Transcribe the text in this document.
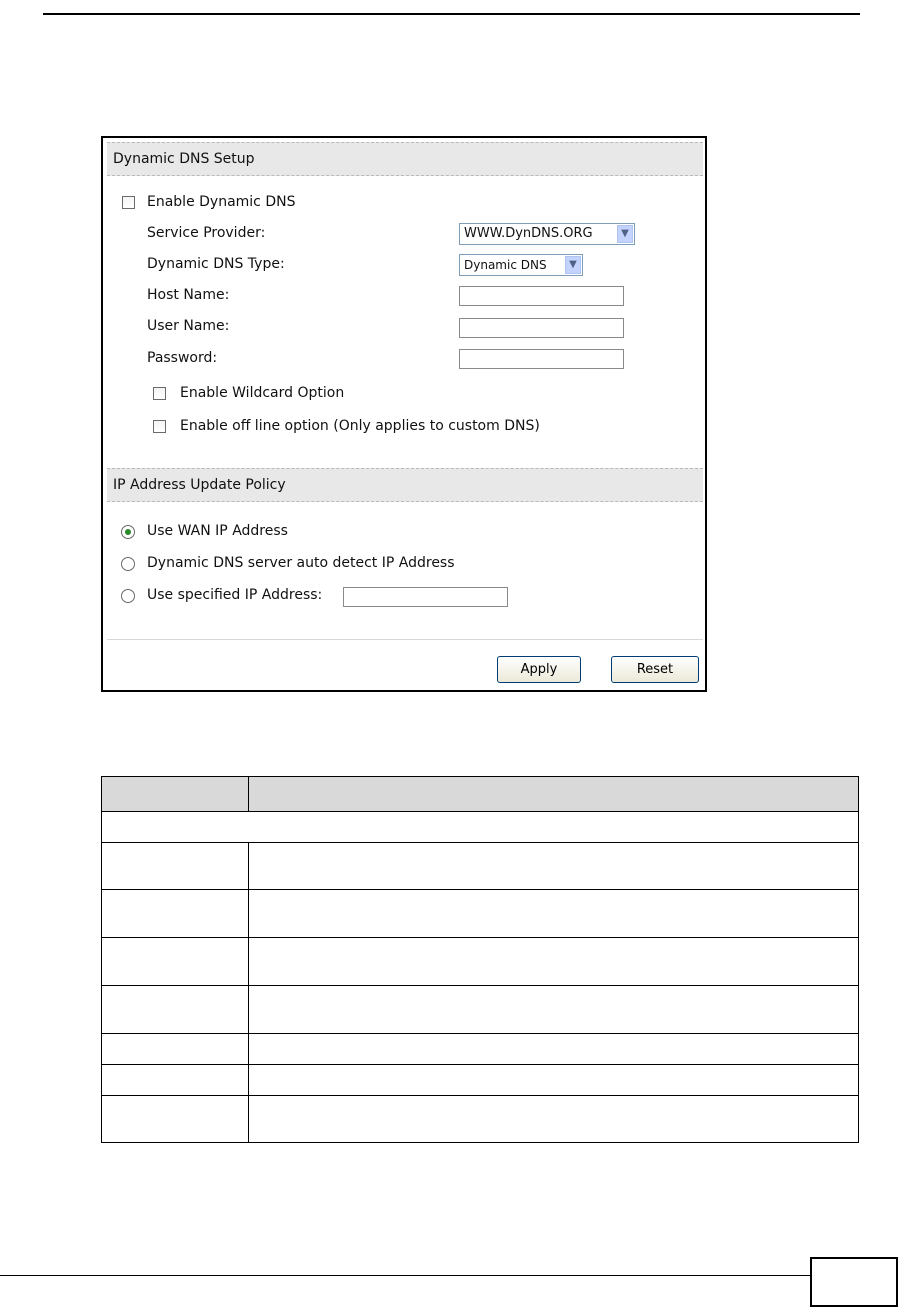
Dynamic DNS Setup
Enable Dynamic DNS
Service Provider:	WWW.DynDNS.ORG	▼
Dynamic DNS Type:	Dynamic DNS	▼
Host Name:
User Name:
Password:
Enable Wildcard Option
Enable off line option (Only applies to custom DNS)
IP Address Update Policy
Use WAN IP Address
Dynamic DNS server auto detect IP Address
Use specified IP Address:
Apply	Reset
